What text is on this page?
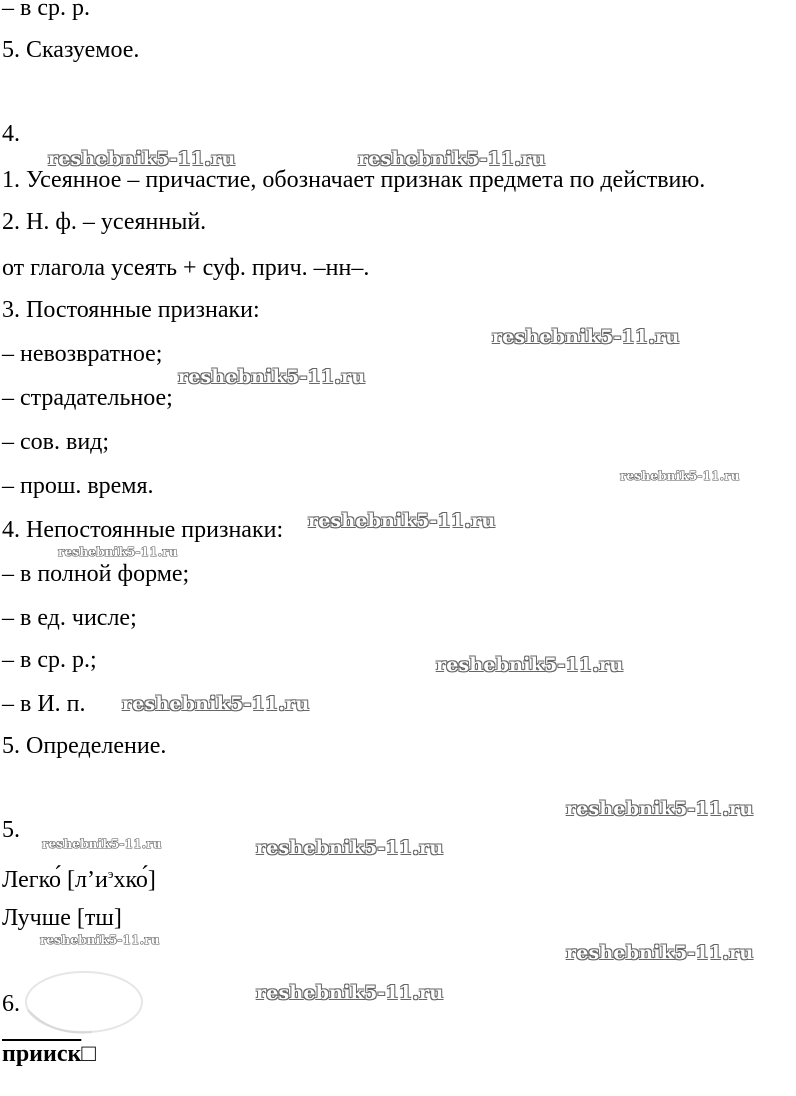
– в ср. р.
5. Сказуемое.
4.
1. Усеянное – причастие, обозначает признак предмета по действию.
2. Н. ф. – усеянный.
от глагола усеять + суф. прич. –нн–.
3. Постоянные признаки:
– невозвратное;
– страдательное;
– сов. вид;
– прош. время.
4. Непостоянные признаки:
– в полной форме;
– в ед. числе;
– в ср. р.;
– в И. п.
5. Определение.
5.
Легко́ $[л’и^эхко́]$
Лучше [тш]
6.
прииск□
reshebnik5-11.ru	reshebnik5-11.ru
reshebnik5-11.ru
reshebnik5-11.ru
reshebnik5-11.ru
reshebnik5-11.ru
reshebnik5-11.ru
reshebnik5-11.ru
reshebnik5-11.ru
reshebnik5-11.ru
reshebnik5-11.ru	reshebnik5-11.ru
reshebnik5-11.ru
reshebnik5-11.ru
reshebnik5-11.ru
